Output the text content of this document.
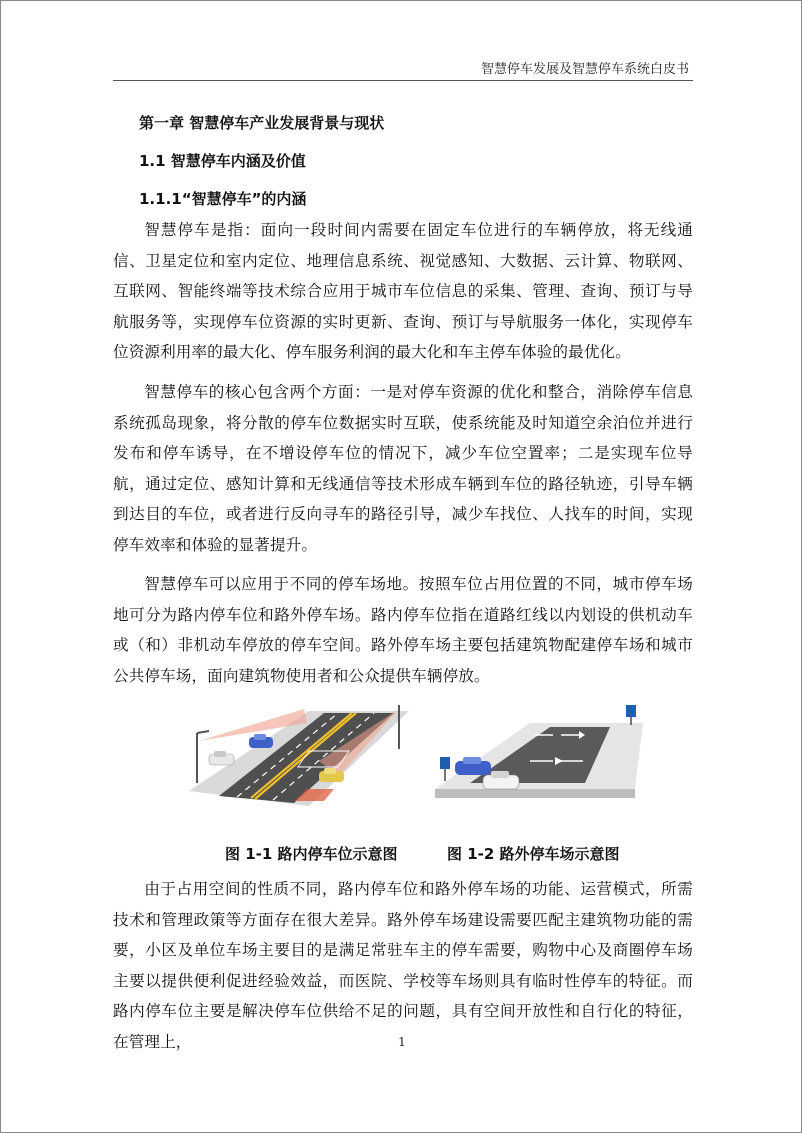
智慧停车发展及智慧停车系统白皮书
第一章 智慧停车产业发展背景与现状
1.1 智慧停车内涵及价值
1.1.1“智慧停车”的内涵

智慧停车是指：面向一段时间内需要在固定车位进行的车辆停放，将无线通信、卫星定位和室内定位、地理信息系统、视觉感知、大数据、云计算、物联网、互联网、智能终端等技术综合应用于城市车位信息的采集、管理、查询、预订与导航服务等，实现停车位资源的实时更新、查询、预订与导航服务一体化，实现停车位资源利用率的最大化、停车服务利润的最大化和车主停车体验的最优化。

智慧停车的核心包含两个方面：一是对停车资源的优化和整合，消除停车信息系统孤岛现象，将分散的停车位数据实时互联，使系统能及时知道空余泊位并进行发布和停车诱导，在不增设停车位的情况下，减少车位空置率；二是实现车位导航，通过定位、感知计算和无线通信等技术形成车辆到车位的路径轨迹，引导车辆到达目的车位，或者进行反向寻车的路径引导，减少车找位、人找车的时间，实现停车效率和体验的显著提升。

智慧停车可以应用于不同的停车场地。按照车位占用位置的不同，城市停车场地可分为路内停车位和路外停车场。路内停车位指在道路红线以内划设的供机动车或（和）非机动车停放的停车空间。路外停车场主要包括建筑物配建停车场和城市公共停车场，面向建筑物使用者和公众提供车辆停放。

图 1-1 路内停车位示意图	图 1-2 路外停车场示意图

由于占用空间的性质不同，路内停车位和路外停车场的功能、运营模式，所需技术和管理政策等方面存在很大差异。路外停车场建设需要匹配主建筑物功能的需要，小区及单位车场主要目的是满足常驻车主的停车需要，购物中心及商圈停车场主要以提供便利促进经验效益，而医院、学校等车场则具有临时性停车的特征。而路内停车位主要是解决停车位供给不足的问题，具有空间开放性和自行化的特征，在管理上，	1
